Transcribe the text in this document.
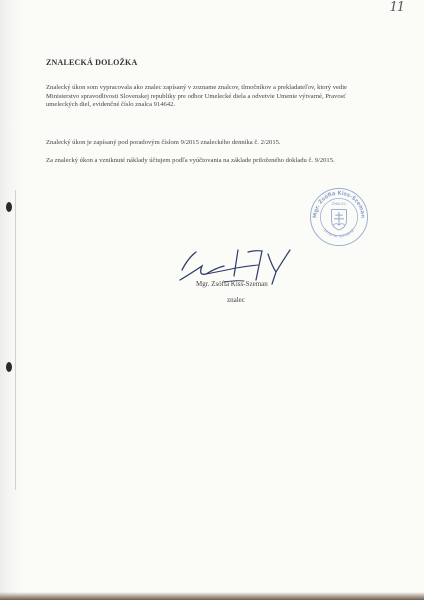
11
ZNALECKÁ DOLOŽKA

Znalecký úkon som vypracovala ako znalec zapísaný v zozname znalcov, tlmočníkov a prekladateľov, ktorý vedie Ministerstvo spravodlivosti Slovenskej republiky pre odbor Umelecké diela a odvetvie Umenie výtvarné, Pravosť umeleckých diel, evidenčné číslo znalca 914642.

Znalecký úkon je zapísaný pod poradovým číslom 9/2015 znaleckého denníka č. 2/2015.

Za znalecký úkon a vzniknuté náklady účtujem podľa vyúčtovania na základe priloženého dokladu č. 9/2015.

Mgr. Zsófia Kiss-Szeman
Umenie výtvarné
ZNALEC
Mgr. Zsófia Kiss-Szeman
znalec
